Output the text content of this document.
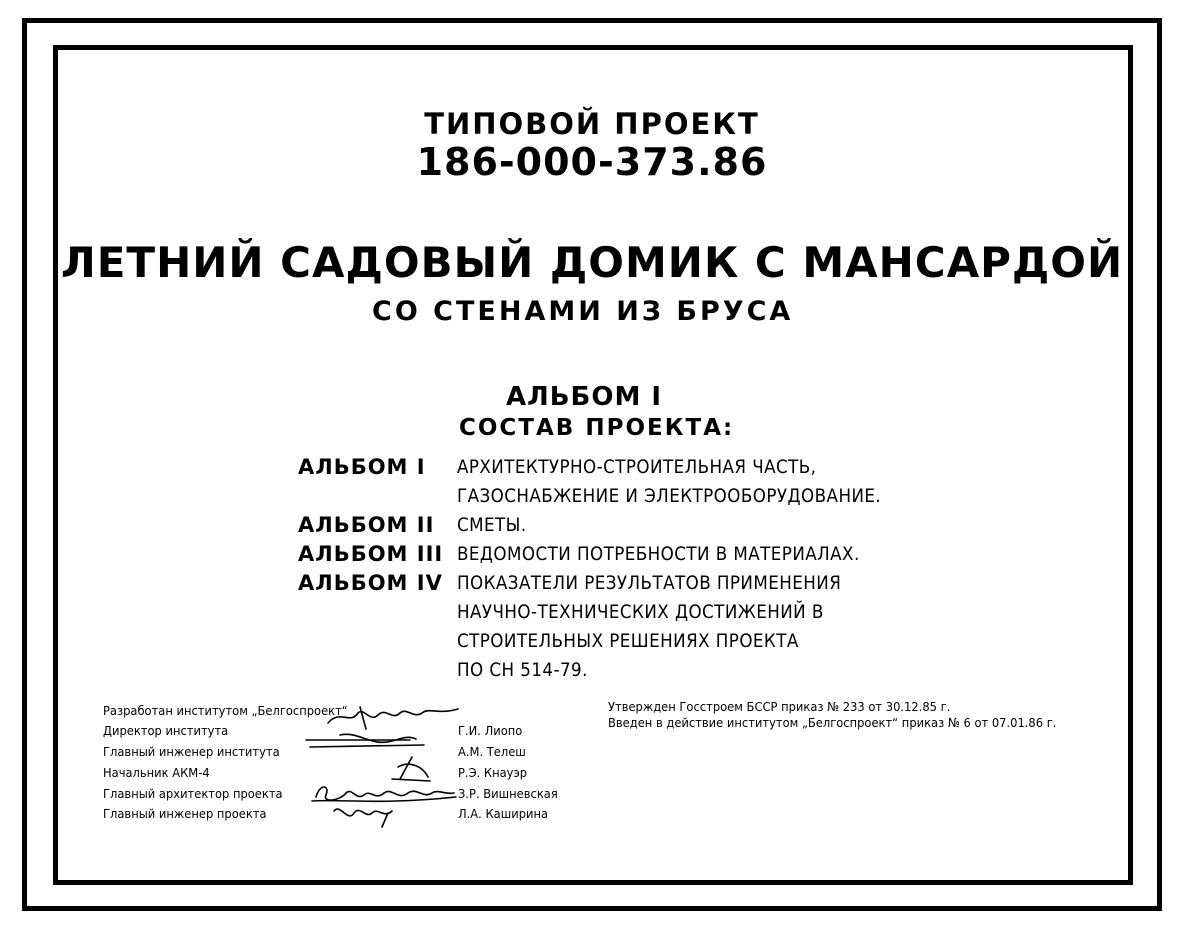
ТИПОВОЙ ПРОЕКТ
186-000-373.86
ЛЕТНИЙ САДОВЫЙ ДОМИК С МАНСАРДОЙ
СО СТЕНАМИ ИЗ БРУСА
АЛЬБОМ I
СОСТАВ ПРОЕКТА:
АЛЬБОМ I АРХИТЕКТУРНО-СТРОИТЕЛЬНАЯ ЧАСТЬ,
ГАЗОСНАБЖЕНИЕ И ЭЛЕКТРООБОРУДОВАНИЕ.
АЛЬБОМ II СМЕТЫ.
АЛЬБОМ III ВЕДОМОСТИ ПОТРЕБНОСТИ В МАТЕРИАЛАХ.
АЛЬБОМ IV ПОКАЗАТЕЛИ РЕЗУЛЬТАТОВ ПРИМЕНЕНИЯ
НАУЧНО-ТЕХНИЧЕСКИХ ДОСТИЖЕНИЙ В
СТРОИТЕЛЬНЫХ РЕШЕНИЯХ ПРОЕКТА
ПО СН 514-79.
Разработан институтом „Белгоспроект“
Директор института
Главный инженер института
Начальник АКМ-4
Главный архитектор проекта
Главный инженер проекта
Г.И. Лиопо
А.М. Телеш
Р.Э. Кнауэр
З.Р. Вишневская
Л.А. Каширина
Утвержден Госстроем БССР приказ № 233 от 30.12.85 г.
Введен в действие институтом „Белгоспроект“ приказ № 6 от 07.01.86 г.
